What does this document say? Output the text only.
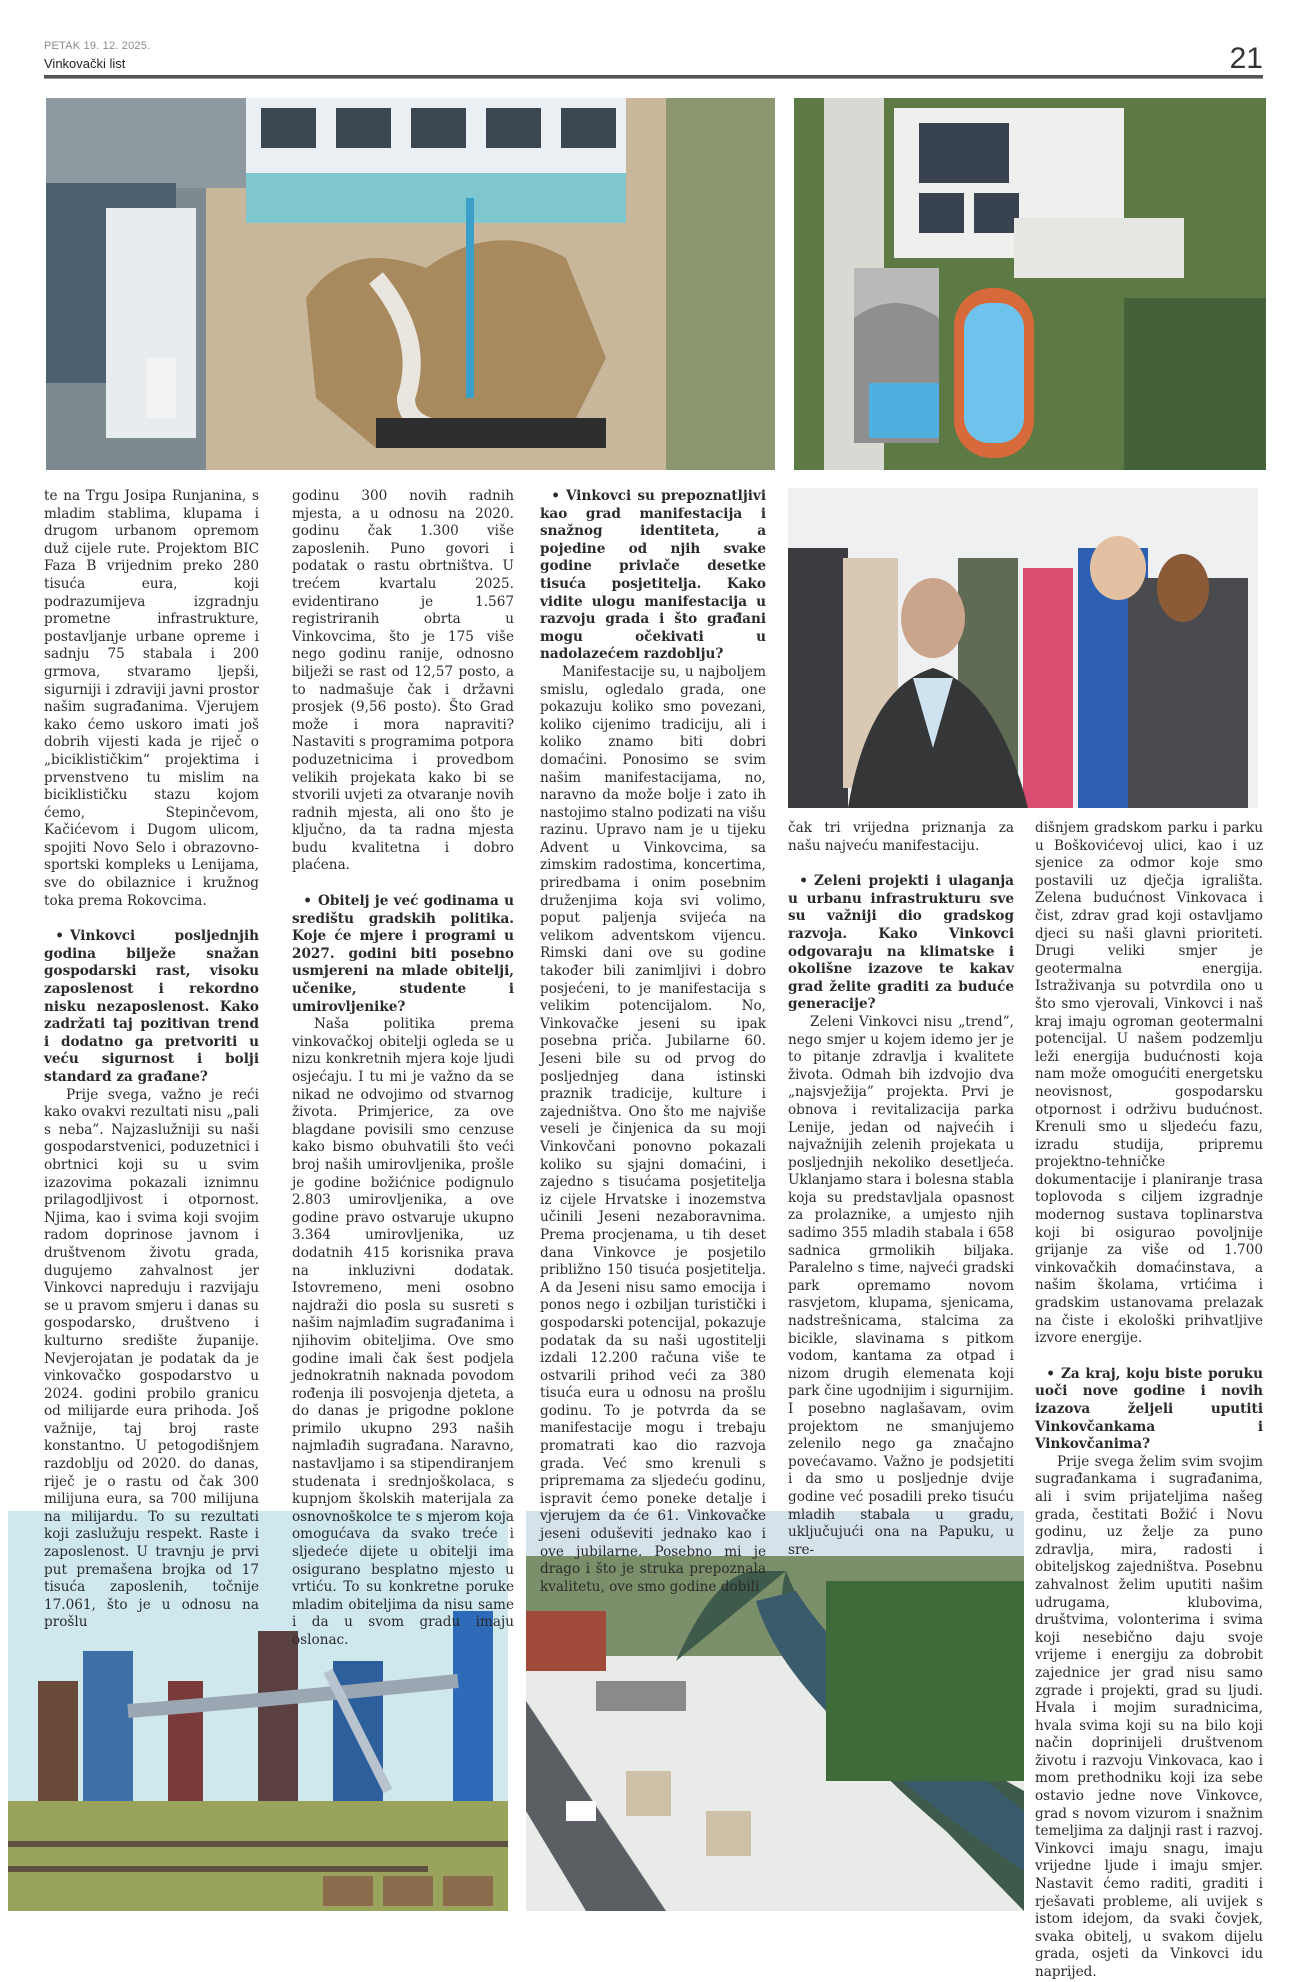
PETAK 19. 12. 2025.
Vinkovački list	21

te na Trgu Josipa Runjanina, s mladim stablima, klupama i drugom urbanom opremom duž cijele rute. Projektom BIC Faza B vrijednim preko 280 tisuća eura, koji podrazumijeva izgradnju prometne infrastrukture, postavljanje urbane opreme i sadnju 75 stabala i 200 grmova, stvaramo ljepši, sigurniji i zdraviji javni prostor našim sugrađanima. Vjerujem kako ćemo uskoro imati još dobrih vijesti kada je riječ o „biciklističkim“ projektima i prvenstveno tu mislim na biciklističku stazu kojom ćemo, Stepinčevom, Kačićevom i Dugom ulicom, spojiti Novo Selo i obrazovno-sportski kompleks u Lenijama, sve do obilaznice i kružnog toka prema Rokovcima.

• Vinkovci posljednjih godina bilježe snažan gospodarski rast, visoku zaposlenost i rekordno nisku nezaposlenost. Kako zadržati taj pozitivan trend i dodatno ga pretvoriti u veću sigurnost i bolji standard za građane?

Prije svega, važno je reći kako ovakvi rezultati nisu „pali s neba”. Najzaslužniji su naši gospodarstvenici, poduzetnici i obrtnici koji su u svim izazovima pokazali iznimnu prilagodljivost i otpornost. Njima, kao i svima koji svojim radom doprinose javnom i društvenom životu grada, dugujemo zahvalnost jer Vinkovci napreduju i razvijaju se u pravom smjeru i danas su gospodarsko, društveno i kulturno središte županije. Nevjerojatan je podatak da je vinkovačko gospodarstvo u 2024. godini probilo granicu od milijarde eura prihoda. Još važnije, taj broj raste konstantno. U petogodišnjem razdoblju od 2020. do danas, riječ je o rastu od čak 300 milijuna eura, sa 700 milijuna na milijardu. To su rezultati koji zaslužuju respekt. Raste i zaposlenost. U travnju je prvi put premašena brojka od 17 tisuća zaposlenih, točnije 17.061, što je u odnosu na prošlu

godinu 300 novih radnih mjesta, a u odnosu na 2020. godinu čak 1.300 više zaposlenih. Puno govori i podatak o rastu obrtništva. U trećem kvartalu 2025. evidentirano je 1.567 registriranih obrta u Vinkovcima, što je 175 više nego godinu ranije, odnosno bilježi se rast od 12,57 posto, a to nadmašuje čak i državni prosjek (9,56 posto). Što Grad može i mora napraviti? Nastaviti s programima potpora poduzetnicima i provedbom velikih projekata kako bi se stvorili uvjeti za otvaranje novih radnih mjesta, ali ono što je ključno, da ta radna mjesta budu kvalitetna i dobro plaćena.

• Obitelj je već godinama u središtu gradskih politika. Koje će mjere i programi u 2027. godini biti posebno usmjereni na mlade obitelji, učenike, studente i umirovljenike?

Naša politika prema vinkovačkoj obitelji ogleda se u nizu konkretnih mjera koje ljudi osjećaju. I tu mi je važno da se nikad ne odvojimo od stvarnog života. Primjerice, za ove blagdane povisili smo cenzuse kako bismo obuhvatili što veći broj naših umirovljenika, prošle je godine božićnice podignulo 2.803 umirovljenika, a ove godine pravo ostvaruje ukupno 3.364 umirovljenika, uz dodatnih 415 korisnika prava na inkluzivni dodatak. Istovremeno, meni osobno najdraži dio posla su susreti s našim najmlađim sugrađanima i njihovim obiteljima. Ove smo godine imali čak šest podjela jednokratnih naknada povodom rođenja ili posvojenja djeteta, a do danas je prigodne poklone primilo ukupno 293 naših najmlađih sugrađana. Naravno, nastavljamo i sa stipendiranjem studenata i srednjoškolaca, s kupnjom školskih materijala za osnovnoškolce te s mjerom koja omogućava da svako treće i sljedeće dijete u obitelji ima osigurano besplatno mjesto u vrtiću. To su konkretne poruke mladim obiteljima da nisu same i da u svom gradu imaju oslonac.

• Vinkovci su prepoznatljivi kao grad manifestacija i snažnog identiteta, a pojedine od njih svake godine privlače desetke tisuća posjetitelja. Kako vidite ulogu manifestacija u razvoju grada i što građani mogu očekivati u nadolazećem razdoblju?

Manifestacije su, u najboljem smislu, ogledalo grada, one pokazuju koliko smo povezani, koliko cijenimo tradiciju, ali i koliko znamo biti dobri domaćini. Ponosimo se svim našim manifestacijama, no, naravno da može bolje i zato ih nastojimo stalno podizati na višu razinu. Upravo nam je u tijeku Advent u Vinkovcima, sa zimskim radostima, koncertima, priredbama i onim posebnim druženjima koja svi volimo, poput paljenja svijeća na velikom adventskom vijencu. Rimski dani ove su godine također bili zanimljivi i dobro posjećeni, to je manifestacija s velikim potencijalom. No, Vinkovačke jeseni su ipak posebna priča. Jubilarne 60. Jeseni bile su od prvog do posljednjeg dana istinski praznik tradicije, kulture i zajedništva. Ono što me najviše veseli je činjenica da su moji Vinkovčani ponovno pokazali koliko su sjajni domaćini, i zajedno s tisućama posjetitelja iz cijele Hrvatske i inozemstva učinili Jeseni nezaboravnima. Prema procjenama, u tih deset dana Vinkovce je posjetilo približno 150 tisuća posjetitelja. A da Jeseni nisu samo emocija i ponos nego i ozbiljan turistički i gospodarski potencijal, pokazuje podatak da su naši ugostitelji izdali 12.200 računa više te ostvarili prihod veći za 380 tisuća eura u odnosu na prošlu godinu. To je potvrda da se manifestacije mogu i trebaju promatrati kao dio razvoja grada. Već smo krenuli s pripremama za sljedeću godinu, ispravit ćemo poneke detalje i vjerujem da će 61. Vinkovačke jeseni oduševiti jednako kao i ove jubilarne. Posebno mi je drago i što je struka prepoznala kvalitetu, ove smo godine dobili

čak tri vrijedna priznanja za našu najveću manifestaciju.

• Zeleni projekti i ulaganja u urbanu infrastrukturu sve su važniji dio gradskog razvoja. Kako Vinkovci odgovaraju na klimatske i okolišne izazove te kakav grad želite graditi za buduće generacije?

Zeleni Vinkovci nisu „trend”, nego smjer u kojem idemo jer je to pitanje zdravlja i kvalitete života. Odmah bih izdvojio dva „najsvježija” projekta. Prvi je obnova i revitalizacija parka Lenije, jedan od najvećih i najvažnijih zelenih projekata u posljednjih nekoliko desetljeća. Uklanjamo stara i bolesna stabla koja su predstavljala opasnost za prolaznike, a umjesto njih sadimo 355 mladih stabala i 658 sadnica grmolikih biljaka. Paralelno s time, najveći gradski park opremamo novom rasvjetom, klupama, sjenicama, nadstrešnicama, stalcima za bicikle, slavinama s pitkom vodom, kantama za otpad i nizom drugih elemenata koji park čine ugodnijim i sigurnijim. I posebno naglašavam, ovim projektom ne smanjujemo zelenilo nego ga značajno povećavamo. Važno je podsjetiti i da smo u posljednje dvije godine već posadili preko tisuću mladih stabala u gradu, uključujući ona na Papuku, u sre-

dišnjem gradskom parku i parku u Boškovićevoj ulici, kao i uz sjenice za odmor koje smo postavili uz dječja igrališta. Zelena budućnost Vinkovaca i čist, zdrav grad koji ostavljamo djeci su naši glavni prioriteti. Drugi veliki smjer je geotermalna energija. Istraživanja su potvrdila ono u što smo vjerovali, Vinkovci i naš kraj imaju ogroman geotermalni potencijal. U našem podzemlju leži energija budućnosti koja nam može omogućiti energetsku neovisnost, gospodarsku otpornost i održivu budućnost. Krenuli smo u sljedeću fazu, izradu studija, pripremu projektno-tehničke dokumentacije i planiranje trasa toplovoda s ciljem izgradnje modernog sustava toplinarstva koji bi osigurao povoljnije grijanje za više od 1.700 vinkovačkih domaćinstava, a našim školama, vrtićima i gradskim ustanovama prelazak na čiste i ekološki prihvatljive izvore energije.

• Za kraj, koju biste poruku uoči nove godine i novih izazova željeli uputiti Vinkovčankama i Vinkovčanima?

Prije svega želim svim svojim sugrađankama i sugrađanima, ali i svim prijateljima našeg grada, čestitati Božić i Novu godinu, uz želje za puno zdravlja, mira, radosti i obiteljskog zajedništva. Posebnu zahvalnost želim uputiti našim udrugama, klubovima, društvima, volonterima i svima koji nesebično daju svoje vrijeme i energiju za dobrobit zajednice jer grad nisu samo zgrade i projekti, grad su ljudi. Hvala i mojim suradnicima, hvala svima koji su na bilo koji način doprinijeli društvenom životu i razvoju Vinkovaca, kao i mom prethodniku koji iza sebe ostavio jedne nove Vinkovce, grad s novom vizurom i snažnim temeljima za daljnji rast i razvoj. Vinkovci imaju snagu, imaju vrijedne ljude i imaju smjer. Nastavit ćemo raditi, graditi i rješavati probleme, ali uvijek s istom idejom, da svaki čovjek, svaka obitelj, u svakom dijelu grada, osjeti da Vinkovci idu naprijed.
